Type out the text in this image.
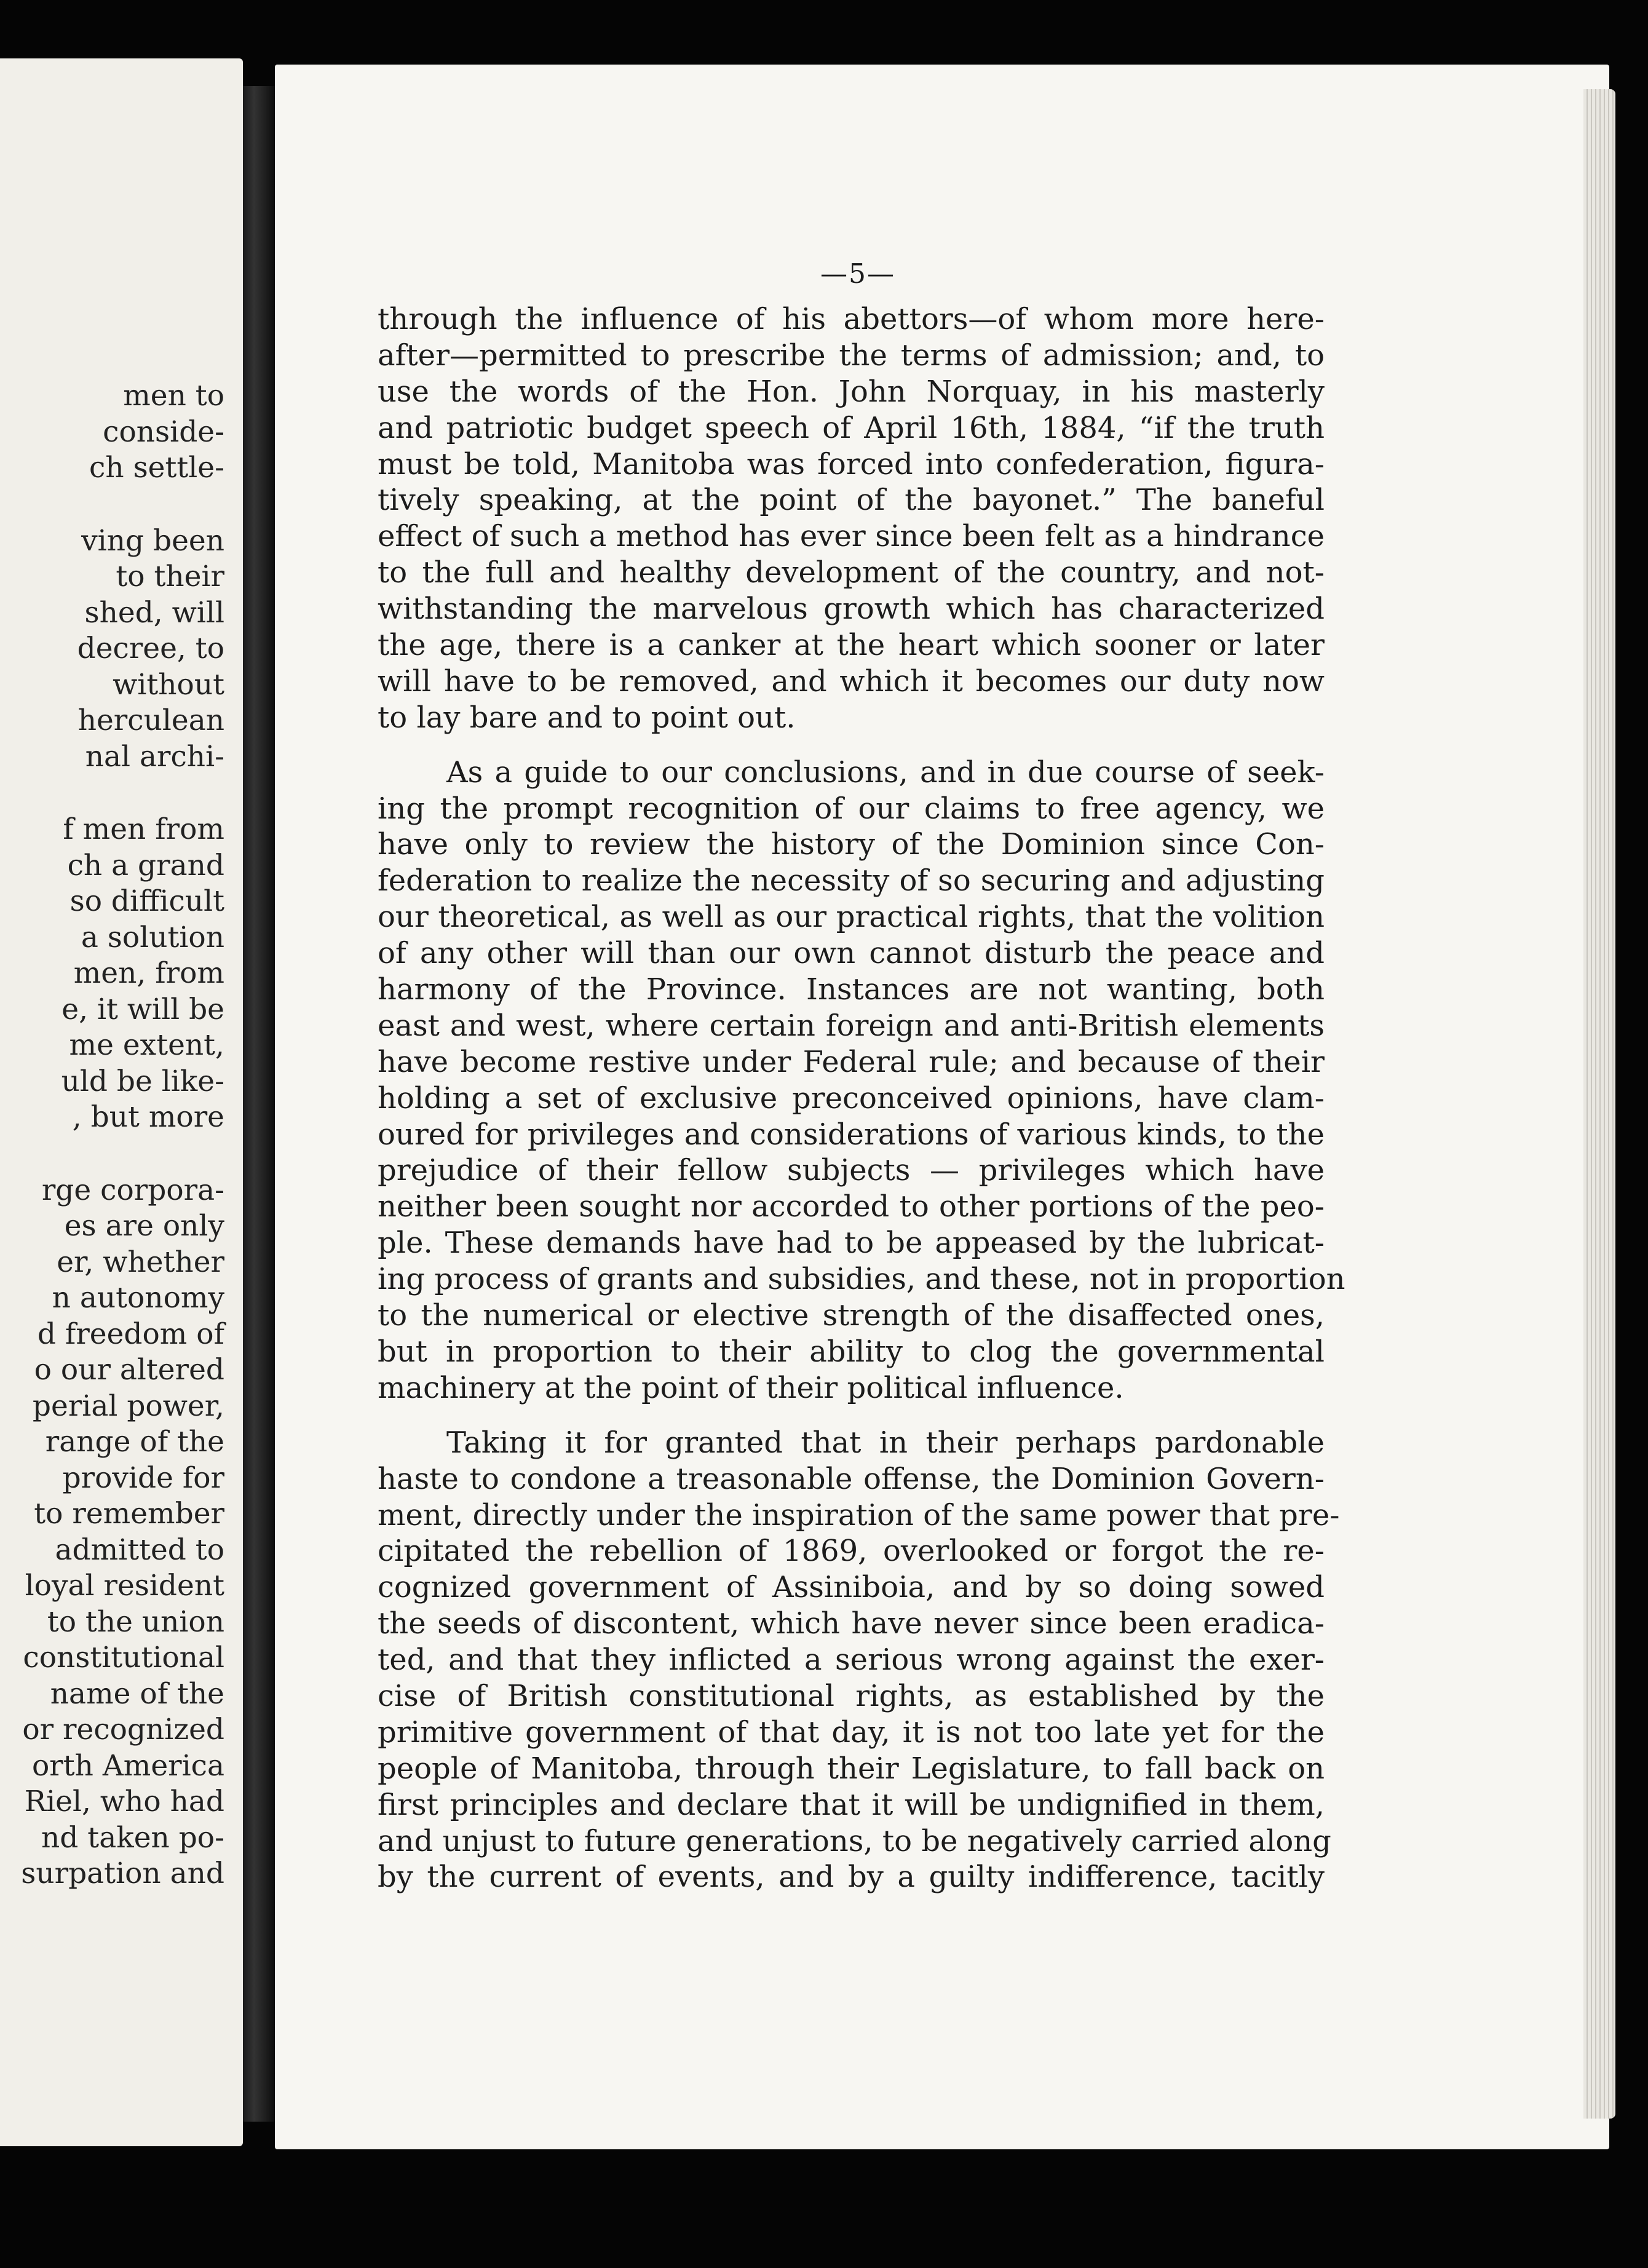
men to
conside-
ch settle-
ving been
to their
shed, will
decree, to
without
herculean
nal archi-
f men from
ch a grand
so difficult
a solution
men, from
e, it will be
me extent,
uld be like-
, but more
rge corpora-
es are only
er, whether
n autonomy
d freedom of
o our altered
perial power,
range of the
provide for
to remember
admitted to
loyal resident
to the union
constitutional
name of the
or recognized
orth America
Riel, who had
nd taken po-
surpation and
—5—
through the influence of his abettors—of whom more here-
after—permitted to prescribe the terms of admission; and, to
use the words of the Hon. John Norquay, in his masterly
and patriotic budget speech of April 16th, 1884, “if the truth
must be told, Manitoba was forced into confederation, figura-
tively speaking, at the point of the bayonet.” The baneful
effect of such a method has ever since been felt as a hindrance
to the full and healthy development of the country, and not-
withstanding the marvelous growth which has characterized
the age, there is a canker at the heart which sooner or later
will have to be removed, and which it becomes our duty now
to lay bare and to point out.
As a guide to our conclusions, and in due course of seek-
ing the prompt recognition of our claims to free agency, we
have only to review the history of the Dominion since Con-
federation to realize the necessity of so securing and adjusting
our theoretical, as well as our practical rights, that the volition
of any other will than our own cannot disturb the peace and
harmony of the Province. Instances are not wanting, both
east and west, where certain foreign and anti-British elements
have become restive under Federal rule; and because of their
holding a set of exclusive preconceived opinions, have clam-
oured for privileges and considerations of various kinds, to the
prejudice of their fellow subjects — privileges which have
neither been sought nor accorded to other portions of the peo-
ple. These demands have had to be appeased by the lubricat-
ing process of grants and subsidies, and these, not in proportion
to the numerical or elective strength of the disaffected ones,
but in proportion to their ability to clog the governmental
machinery at the point of their political influence.
Taking it for granted that in their perhaps pardonable
haste to condone a treasonable offense, the Dominion Govern-
ment, directly under the inspiration of the same power that pre-
cipitated the rebellion of 1869, overlooked or forgot the re-
cognized government of Assiniboia, and by so doing sowed
the seeds of discontent, which have never since been eradica-
ted, and that they inflicted a serious wrong against the exer-
cise of British constitutional rights, as established by the
primitive government of that day, it is not too late yet for the
people of Manitoba, through their Legislature, to fall back on
first principles and declare that it will be undignified in them,
and unjust to future generations, to be negatively carried along
by the current of events, and by a guilty indifference, tacitly
